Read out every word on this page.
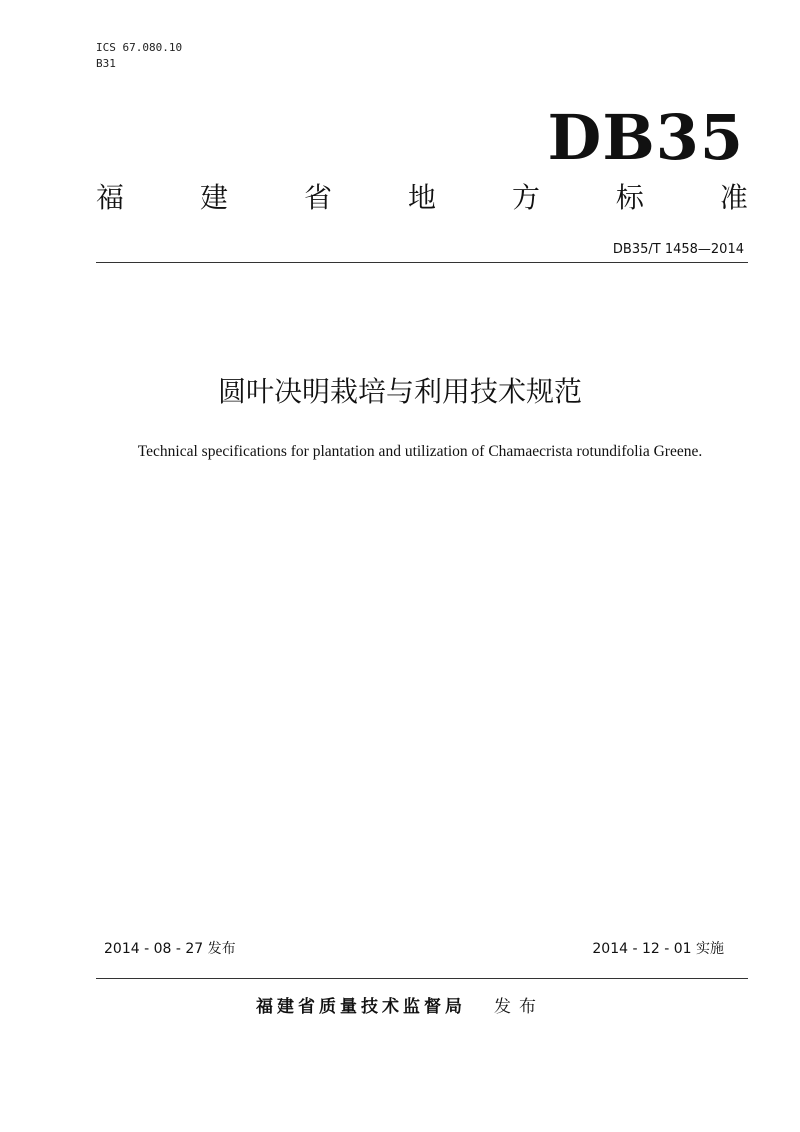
ICS 67.080.10
B31
DB35
福	建	省	地	方	标	准
DB35/T 1458—2014
圆叶决明栽培与利用技术规范
Technical specifications for plantation and utilization of Chamaecrista rotundifolia Greene.
2014 - 08 - 27 发布	2014 - 12 - 01 实施
福建省质量技术监督局 发布
